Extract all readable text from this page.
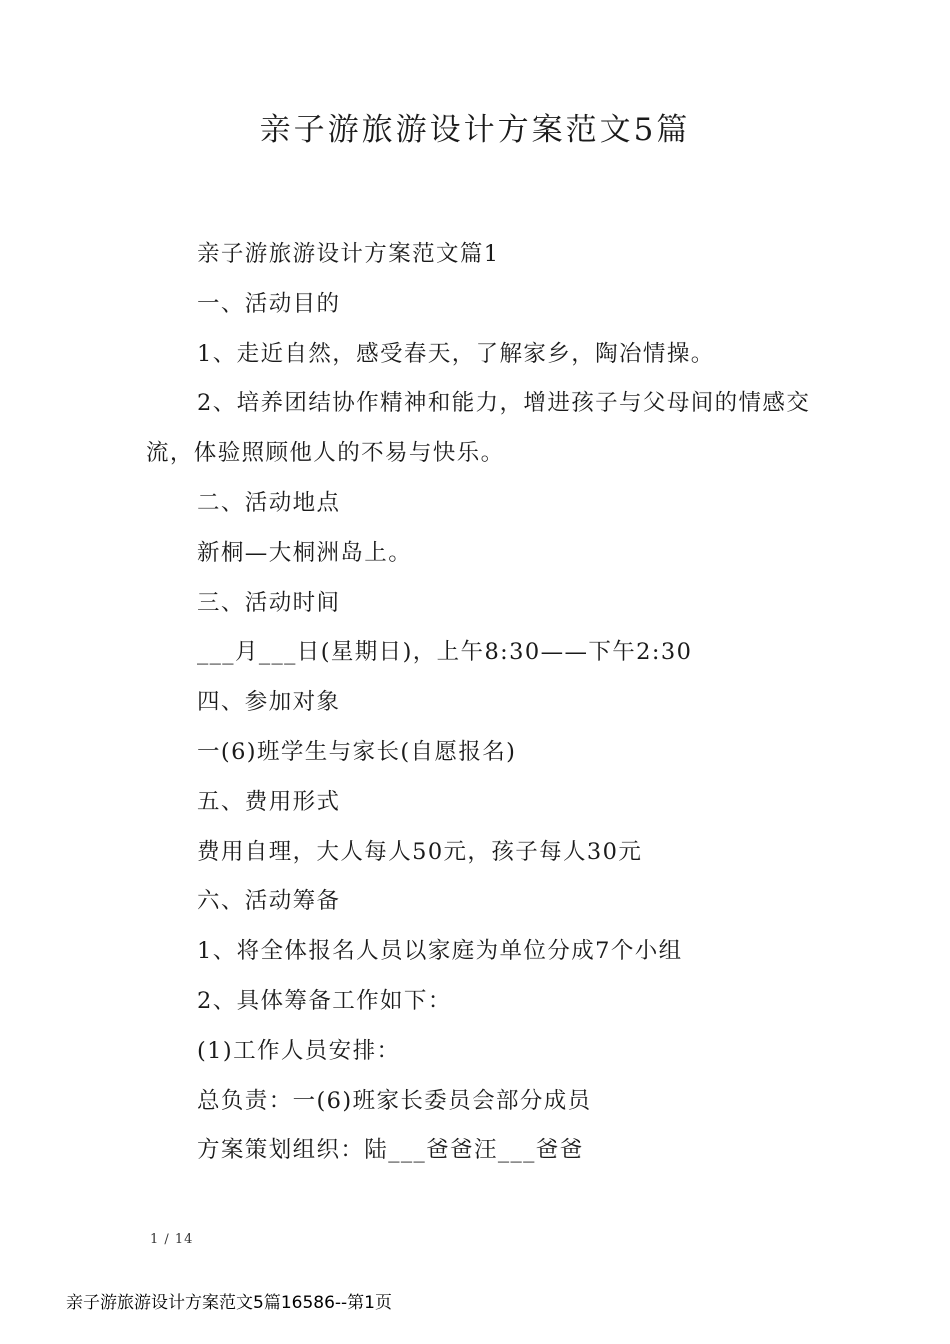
亲子游旅游设计方案范文5篇

亲子游旅游设计方案范文篇1

一、活动目的

1、走近自然，感受春天，了解家乡，陶冶情操。

2、培养团结协作精神和能力，增进孩子与父母间的情感交流，体验照顾他人的不易与快乐。

二、活动地点

新桐—大桐洲岛上。

三、活动时间

___月___日(星期日)，上午8:30——下午2:30

四、参加对象

一(6)班学生与家长(自愿报名)

五、费用形式

费用自理，大人每人50元，孩子每人30元

六、活动筹备

1、将全体报名人员以家庭为单位分成7个小组

2、具体筹备工作如下：

(1)工作人员安排：

总负责：一(6)班家长委员会部分成员

方案策划组织：陆___爸爸汪___爸爸

1 / 14
亲子游旅游设计方案范文5篇16586--第1页
